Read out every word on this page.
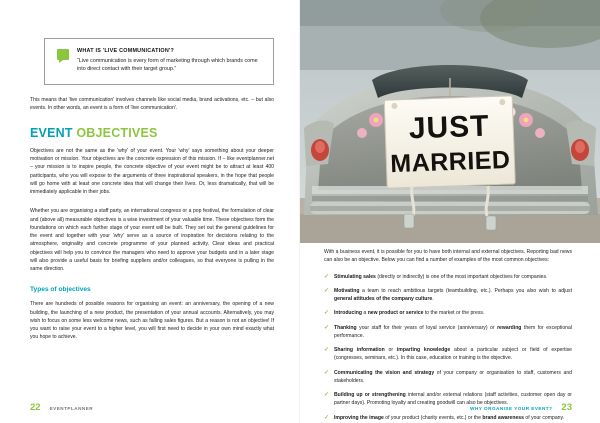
WHAT IS 'LIVE COMMUNICATION'?

“Live communication is every form of marketing through which brands come into direct contact with their target group.”

This means that 'live communication' involves channels like social media, brand activations, etc. – but also events. In other words, an event is a form of 'live communication'.

EVENT OBJECTIVES

Objectives are not the same as the 'why' of your event. Your 'why' says something about your deeper motivation or mission. Your objectives are the concrete expression of this mission. If – like eventplanner.net – your mission is to inspire people, the concrete objective of your event might be to attract at least 400 participants, who you will expose to the arguments of three inspirational speakers, in the hope that people will go home with at least one concrete idea that will change their lives. Or, less dramatically, that will be immediately applicable in their jobs.

Whether you are organising a staff party, an international congress or a pop festival, the formulation of clear and (above all) measurable objectives is a wise investment of your valuable time. These objectives form the foundations on which each further stage of your event will be built. They set out the general guidelines for the event and together with your 'why' serve as a source of inspiration for decisions relating to the atmosphere, originality and concrete programme of your planned activity. Clear ideas and practical objectives will help you to convince the managers who need to approve your budgets and in a later stage will also provide a useful basis for briefing suppliers and/or colleagues, so that everyone is pulling in the same direction.

Types of objectives

There are hundreds of possible reasons for organising an event: an anniversary, the opening of a new building, the launching of a new product, the presentation of your annual accounts. Alternatively, you may wish to focus on some less welcome news, such as falling sales figures. But a reason is not an objective! If you want to raise your event to a higher level, you will first need to decide in your own mind exactly what you hope to achieve.

22 EVENTPLANNER

With a business event, it is possible for you to have both internal and external objectives. Reporting bad news can also be an objective. Below you can find a number of examples of the most common objectives:

✓ Stimulating sales (directly or indirectly) is one of the most important objectives for companies.
✓ Motivating a team to reach ambitious targets (teambuilding, etc.). Perhaps you also wish to adjust general attitudes of the company culture.
✓ Introducing a new product or service to the market or the press.
✓ Thanking your staff for their years of loyal service (anniversary) or rewarding them for exceptional performance.
✓ Sharing information or imparting knowledge about a particular subject or field of expertise (congresses, seminars, etc.). In this case, education or training is the objective.
✓ Communicating the vision and strategy of your company or organisation to staff, customers and stakeholders.
✓ Building up or strengthening internal and/or external relations (staff activities, customer open day or partner days). Promoting loyalty and creating goodwill can also be objectives.
✓ Improving the image of your product (charity events, etc.) or the brand awareness of your company.
WHY ORGANISE YOUR EVENT? 23
JUST
MARRIED
